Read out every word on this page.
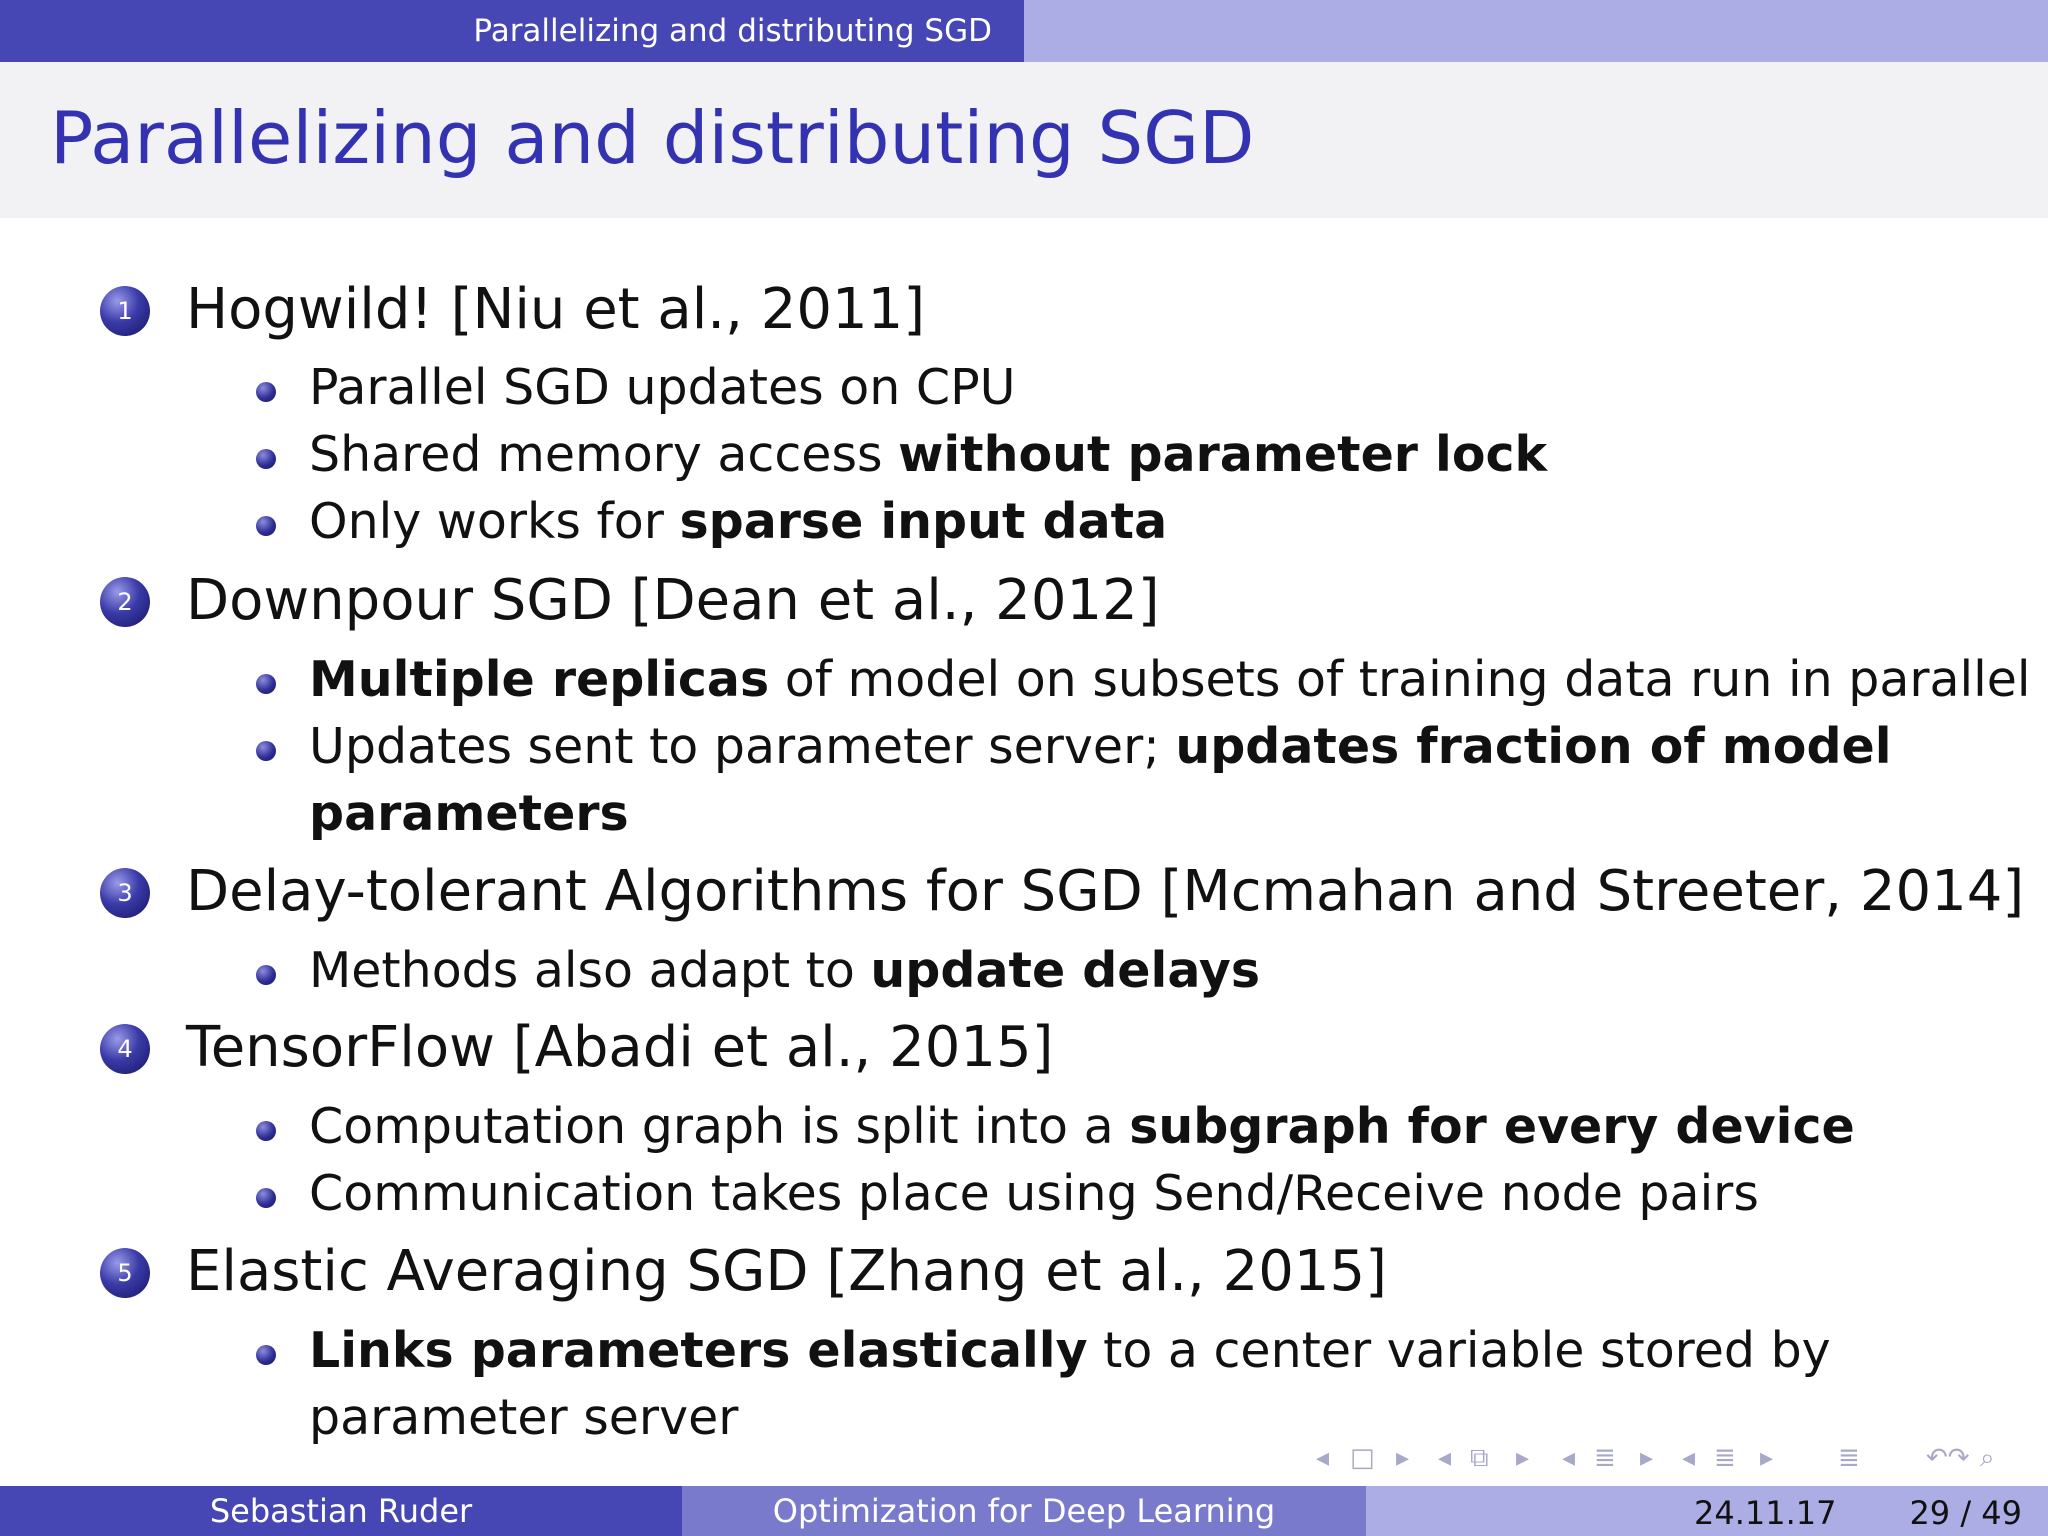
Parallelizing and distributing SGD
Parallelizing and distributing SGD
1 Hogwild! [Niu et al., 2011]
Parallel SGD updates on CPU
Shared memory access without parameter lock
Only works for sparse input data
2 Downpour SGD [Dean et al., 2012]
Multiple replicas of model on subsets of training data run in parallel
Updates sent to parameter server; updates fraction of model parameters
3 Delay-tolerant Algorithms for SGD [Mcmahan and Streeter, 2014]
Methods also adapt to update delays
4 TensorFlow [Abadi et al., 2015]
Computation graph is split into a subgraph for every device
Communication takes place using Send/Receive node pairs
5 Elastic Averaging SGD [Zhang et al., 2015]
Links parameters elastically to a center variable stored by parameter server
◂ □ ▸ ◂ ⧉ ▸ ◂ ≣ ▸ ◂ ≣ ▸ ≣	↶↷ ⌕
Sebastian Ruder	Optimization for Deep Learning	24.11.17 29 / 49
